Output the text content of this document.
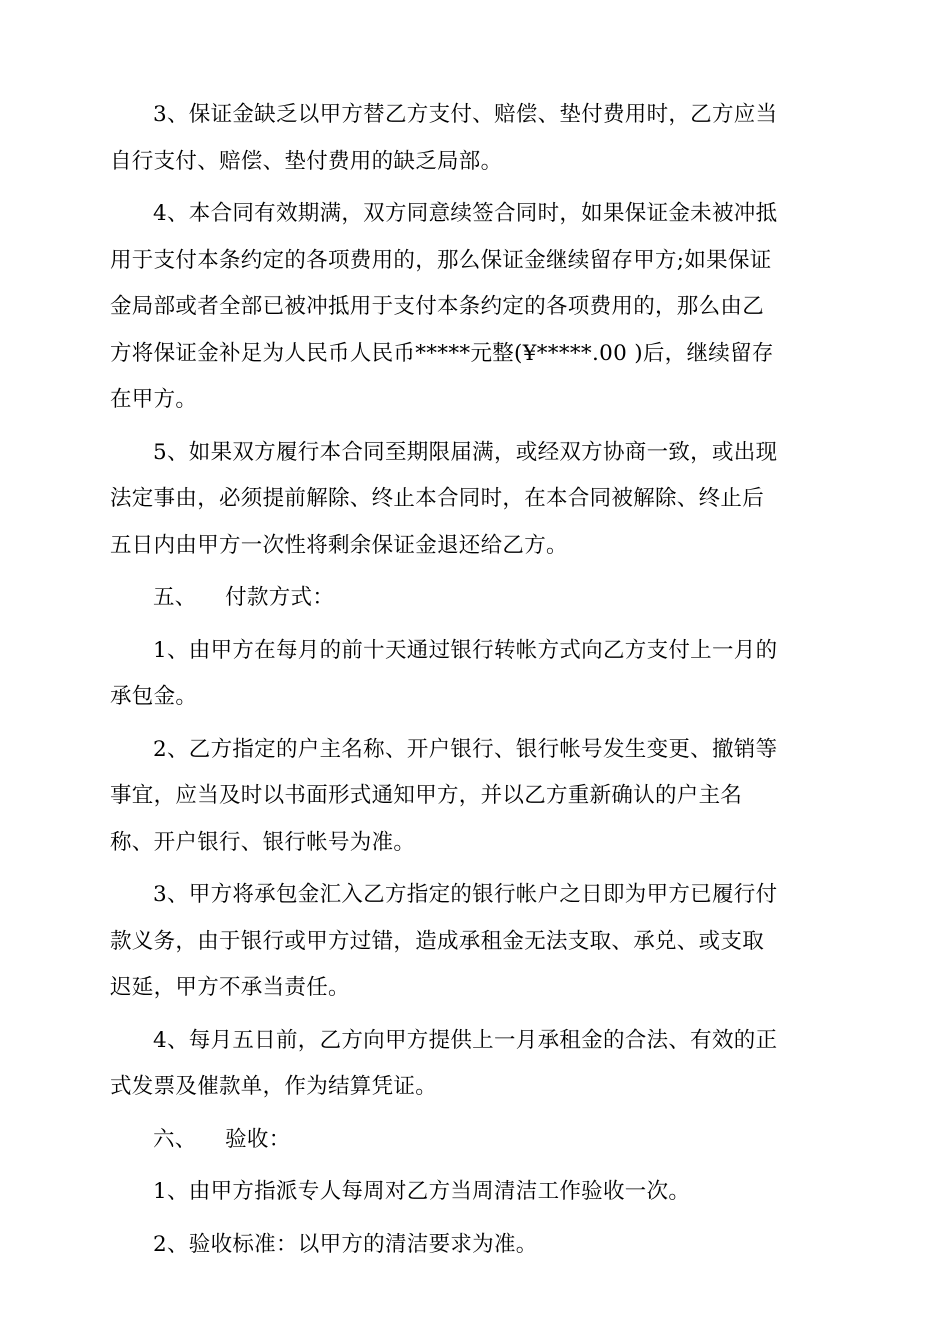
3、保证金缺乏以甲方替乙方支付、赔偿、垫付费用时，乙方应当
自行支付、赔偿、垫付费用的缺乏局部。

4、本合同有效期满，双方同意续签合同时，如果保证金未被冲抵
用于支付本条约定的各项费用的，那么保证金继续留存甲方;如果保证
金局部或者全部已被冲抵用于支付本条约定的各项费用的，那么由乙
方将保证金补足为人民币人民币*****元整(¥*****.00 )后，继续留存
在甲方。

5、如果双方履行本合同至期限届满，或经双方协商一致，或出现
法定事由，必须提前解除、终止本合同时，在本合同被解除、终止后
五日内由甲方一次性将剩余保证金退还给乙方。

五、    付款方式：

1、由甲方在每月的前十天通过银行转帐方式向乙方支付上一月的
承包金。

2、乙方指定的户主名称、开户银行、银行帐号发生变更、撤销等
事宜，应当及时以书面形式通知甲方，并以乙方重新确认的户主名
称、开户银行、银行帐号为准。

3、甲方将承包金汇入乙方指定的银行帐户之日即为甲方已履行付
款义务，由于银行或甲方过错，造成承租金无法支取、承兑、或支取
迟延，甲方不承当责任。

4、每月五日前，乙方向甲方提供上一月承租金的合法、有效的正
式发票及催款单，作为结算凭证。

六、    验收：

1、由甲方指派专人每周对乙方当周清洁工作验收一次。

2、验收标准：以甲方的清洁要求为准。
